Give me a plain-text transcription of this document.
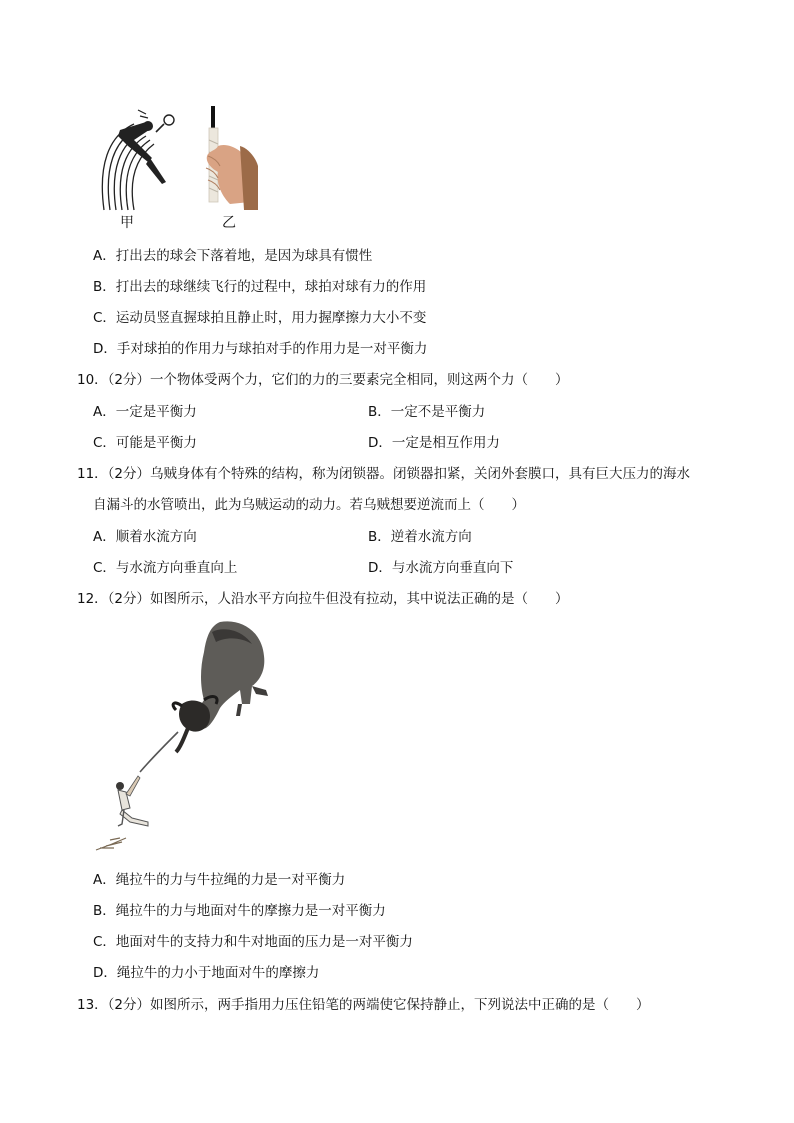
甲	乙
A．打出去的球会下落着地，是因为球具有惯性
B．打出去的球继续飞行的过程中，球拍对球有力的作用
C．运动员竖直握球拍且静止时，用力握摩擦力大小不变
D．手对球拍的作用力与球拍对手的作用力是一对平衡力
10．（2分）一个物体受两个力，它们的力的三要素完全相同，则这两个力（　　）
A．一定是平衡力	B．一定不是平衡力
C．可能是平衡力	D．一定是相互作用力
11．（2分）乌贼身体有个特殊的结构，称为闭锁器。闭锁器扣紧，关闭外套膜口，具有巨大压力的海水
自漏斗的水管喷出，此为乌贼运动的动力。若乌贼想要逆流而上（　　）
A．顺着水流方向	B．逆着水流方向
C．与水流方向垂直向上	D．与水流方向垂直向下
12．（2分）如图所示，人沿水平方向拉牛但没有拉动，其中说法正确的是（　　）
A．绳拉牛的力与牛拉绳的力是一对平衡力
B．绳拉牛的力与地面对牛的摩擦力是一对平衡力
C．地面对牛的支持力和牛对地面的压力是一对平衡力
D．绳拉牛的力小于地面对牛的摩擦力
13．（2分）如图所示，两手指用力压住铅笔的两端使它保持静止，下列说法中正确的是（　　）
